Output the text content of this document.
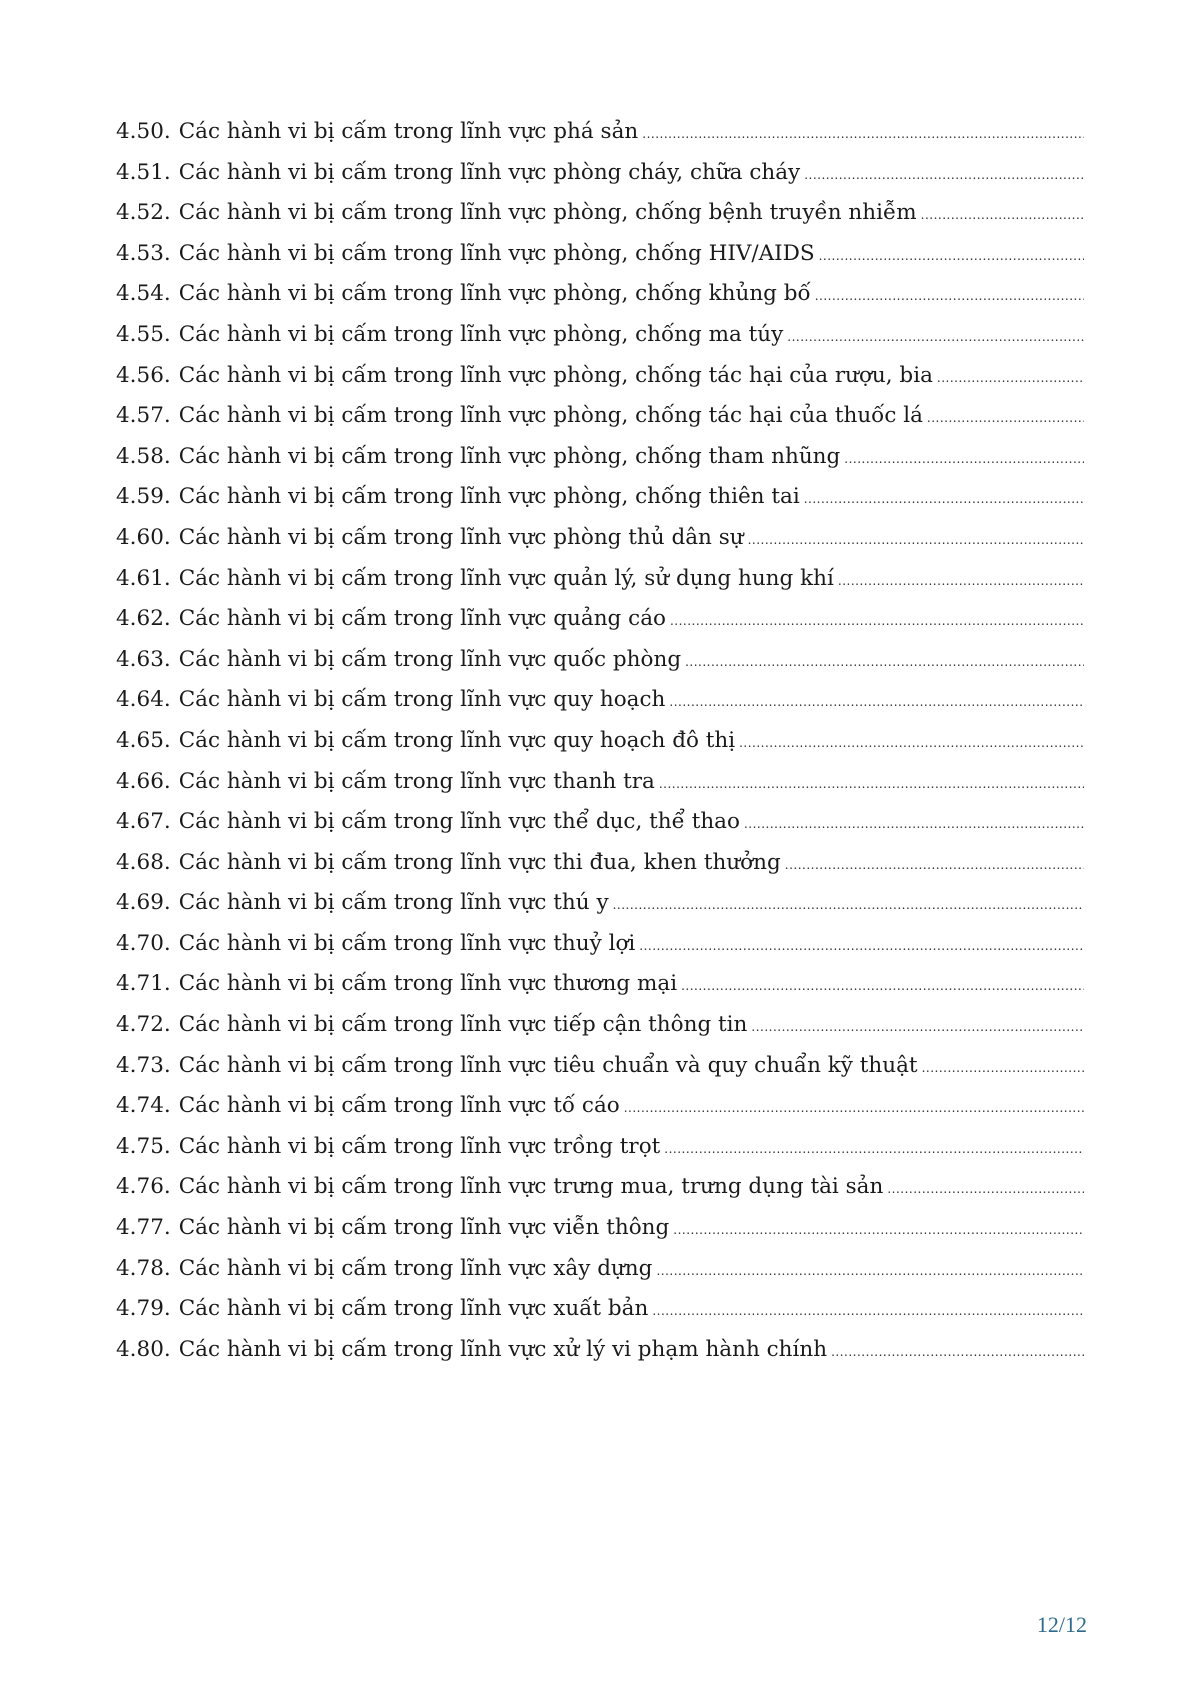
4.50. Các hành vi bị cấm trong lĩnh vực phá sản
.....
4.51. Các hành vi bị cấm trong lĩnh vực phòng cháy, chữa cháy
.....
4.52. Các hành vi bị cấm trong lĩnh vực phòng, chống bệnh truyền nhiễm
.....
4.53. Các hành vi bị cấm trong lĩnh vực phòng, chống HIV/AIDS
.....
4.54. Các hành vi bị cấm trong lĩnh vực phòng, chống khủng bố
.....
4.55. Các hành vi bị cấm trong lĩnh vực phòng, chống ma túy
.....
4.56. Các hành vi bị cấm trong lĩnh vực phòng, chống tác hại của rượu, bia
.....
4.57. Các hành vi bị cấm trong lĩnh vực phòng, chống tác hại của thuốc lá
.....
4.58. Các hành vi bị cấm trong lĩnh vực phòng, chống tham nhũng
.....
4.59. Các hành vi bị cấm trong lĩnh vực phòng, chống thiên tai
.....
4.60. Các hành vi bị cấm trong lĩnh vực phòng thủ dân sự
.....
4.61. Các hành vi bị cấm trong lĩnh vực quản lý, sử dụng hung khí
.....
4.62. Các hành vi bị cấm trong lĩnh vực quảng cáo
.....
4.63. Các hành vi bị cấm trong lĩnh vực quốc phòng
.....
4.64. Các hành vi bị cấm trong lĩnh vực quy hoạch
.....
4.65. Các hành vi bị cấm trong lĩnh vực quy hoạch đô thị
.....
4.66. Các hành vi bị cấm trong lĩnh vực thanh tra
.....
4.67. Các hành vi bị cấm trong lĩnh vực thể dục, thể thao
.....
4.68. Các hành vi bị cấm trong lĩnh vực thi đua, khen thưởng
.....
4.69. Các hành vi bị cấm trong lĩnh vực thú y
.....
4.70. Các hành vi bị cấm trong lĩnh vực thuỷ lợi
.....
4.71. Các hành vi bị cấm trong lĩnh vực thương mại
.....
4.72. Các hành vi bị cấm trong lĩnh vực tiếp cận thông tin
.....
4.73. Các hành vi bị cấm trong lĩnh vực tiêu chuẩn và quy chuẩn kỹ thuật
.....
4.74. Các hành vi bị cấm trong lĩnh vực tố cáo
.....
4.75. Các hành vi bị cấm trong lĩnh vực trồng trọt
.....
4.76. Các hành vi bị cấm trong lĩnh vực trưng mua, trưng dụng tài sản
.....
4.77. Các hành vi bị cấm trong lĩnh vực viễn thông
.....
4.78. Các hành vi bị cấm trong lĩnh vực xây dựng
.....
4.79. Các hành vi bị cấm trong lĩnh vực xuất bản
.....
4.80. Các hành vi bị cấm trong lĩnh vực xử lý vi phạm hành chính
.....
12/12
